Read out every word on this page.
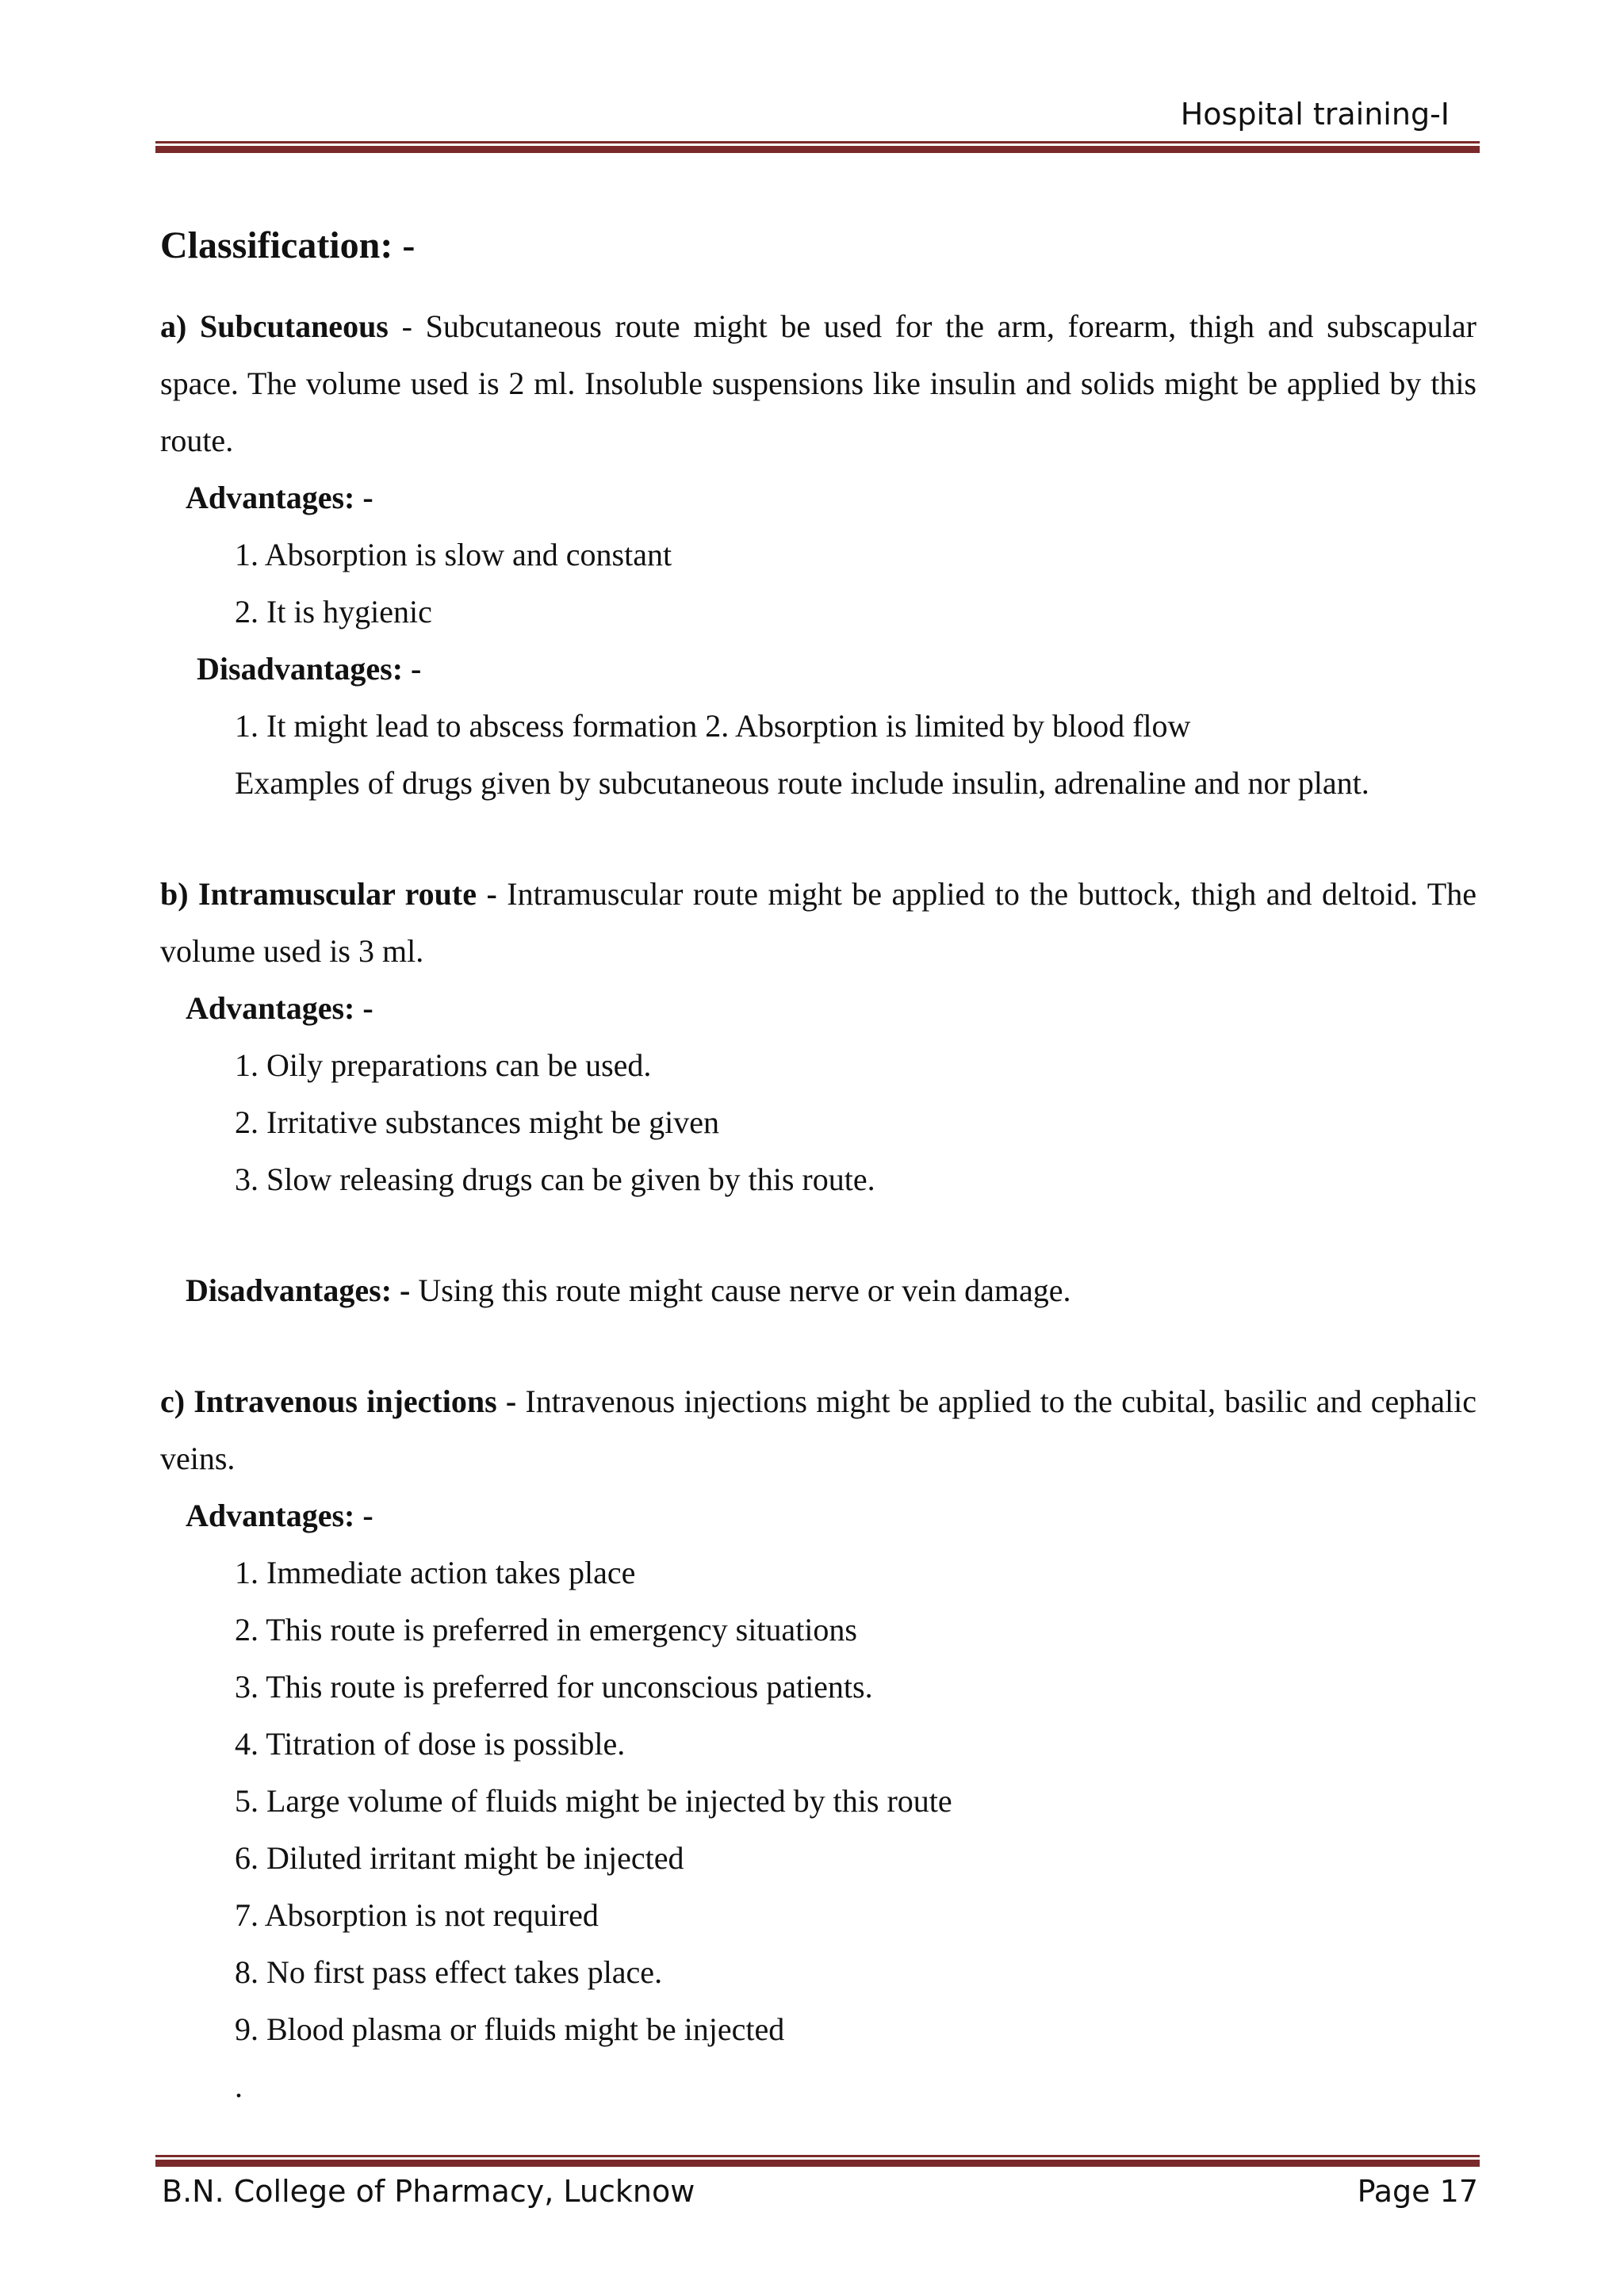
Hospital training-I

Classification: -

a) Subcutaneous - Subcutaneous route might be used for the arm, forearm, thigh and subscapular space. The volume used is 2 ml. Insoluble suspensions like insulin and solids might be applied by this route.

Advantages: -

1. Absorption is slow and constant

2. It is hygienic

Disadvantages: -

1. It might lead to abscess formation 2. Absorption is limited by blood flow

Examples of drugs given by subcutaneous route include insulin, adrenaline and nor plant.

b) Intramuscular route - Intramuscular route might be applied to the buttock, thigh and deltoid. The volume used is 3 ml.

Advantages: -

1. Oily preparations can be used.

2. Irritative substances might be given

3. Slow releasing drugs can be given by this route.

Disadvantages: - Using this route might cause nerve or vein damage.

c) Intravenous injections - Intravenous injections might be applied to the cubital, basilic and cephalic veins.

Advantages: -

1. Immediate action takes place

2. This route is preferred in emergency situations

3. This route is preferred for unconscious patients.

4. Titration of dose is possible.

5. Large volume of fluids might be injected by this route

6. Diluted irritant might be injected

7. Absorption is not required

8. No first pass effect takes place.

9. Blood plasma or fluids might be injected

.

B.N. College of Pharmacy, Lucknow	Page 17
